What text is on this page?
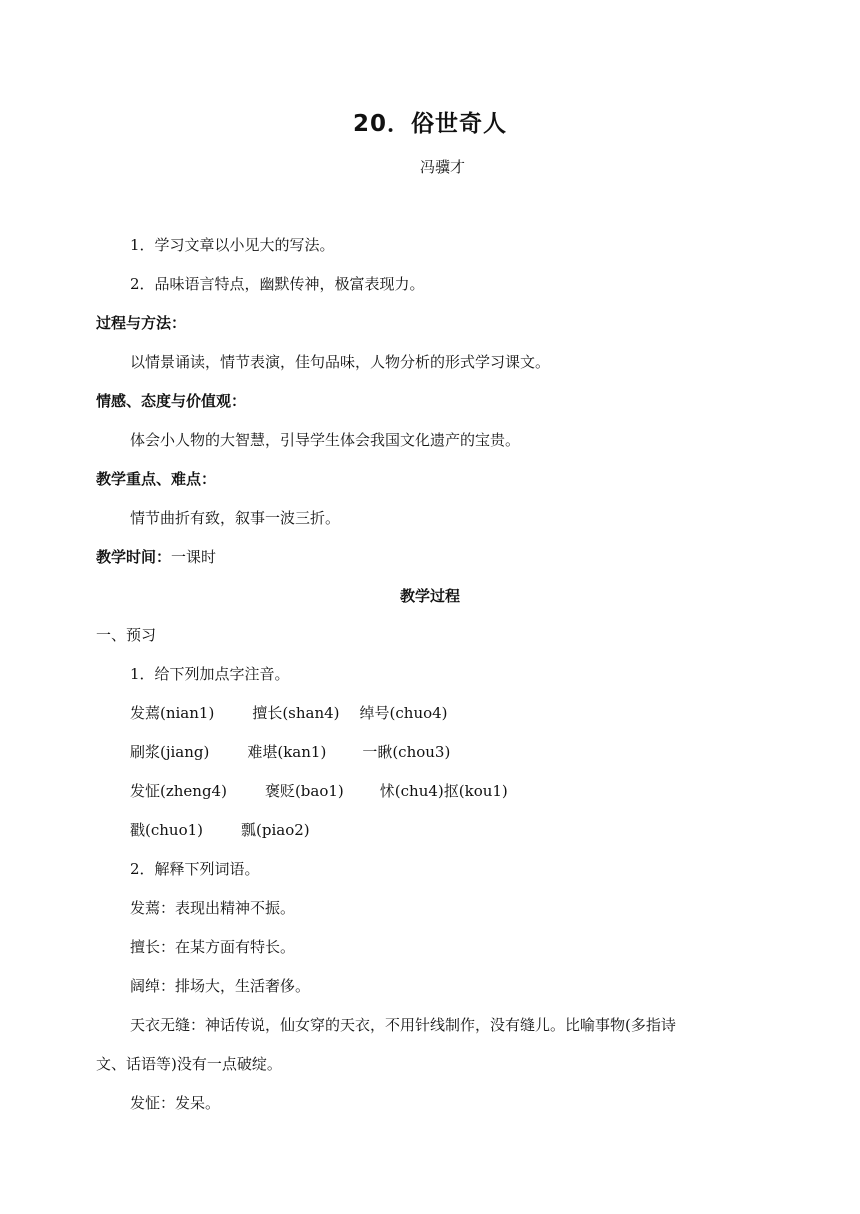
20．俗世奇人
冯骥才
1．学习文章以小见大的写法。
2．品味语言特点，幽默传神，极富表现力。
过程与方法：
以情景诵读，情节表演，佳句品味，人物分析的形式学习课文。
情感、态度与价值观：
体会小人物的大智慧，引导学生体会我国文化遗产的宝贵。
教学重点、难点：
情节曲折有致，叙事一波三折。
教学时间：一课时
教学过程
一、预习
1．给下列加点字注音。
发蔫(nian1)	擅长(shan4) 绰号(chuo4)
刷浆(jiang)	难堪(kan1) 一瞅(chou3)
发怔(zheng4)	褒贬(bao1) 怵(chu4)抠(kou1)
戳(chuo1)	瓢(piao2)
2．解释下列词语。
发蔫：表现出精神不振。
擅长：在某方面有特长。
阔绰：排场大，生活奢侈。
天衣无缝：神话传说，仙女穿的天衣，不用针线制作，没有缝儿。比喻事物(多指诗
文、话语等)没有一点破绽。
发怔：发呆。
